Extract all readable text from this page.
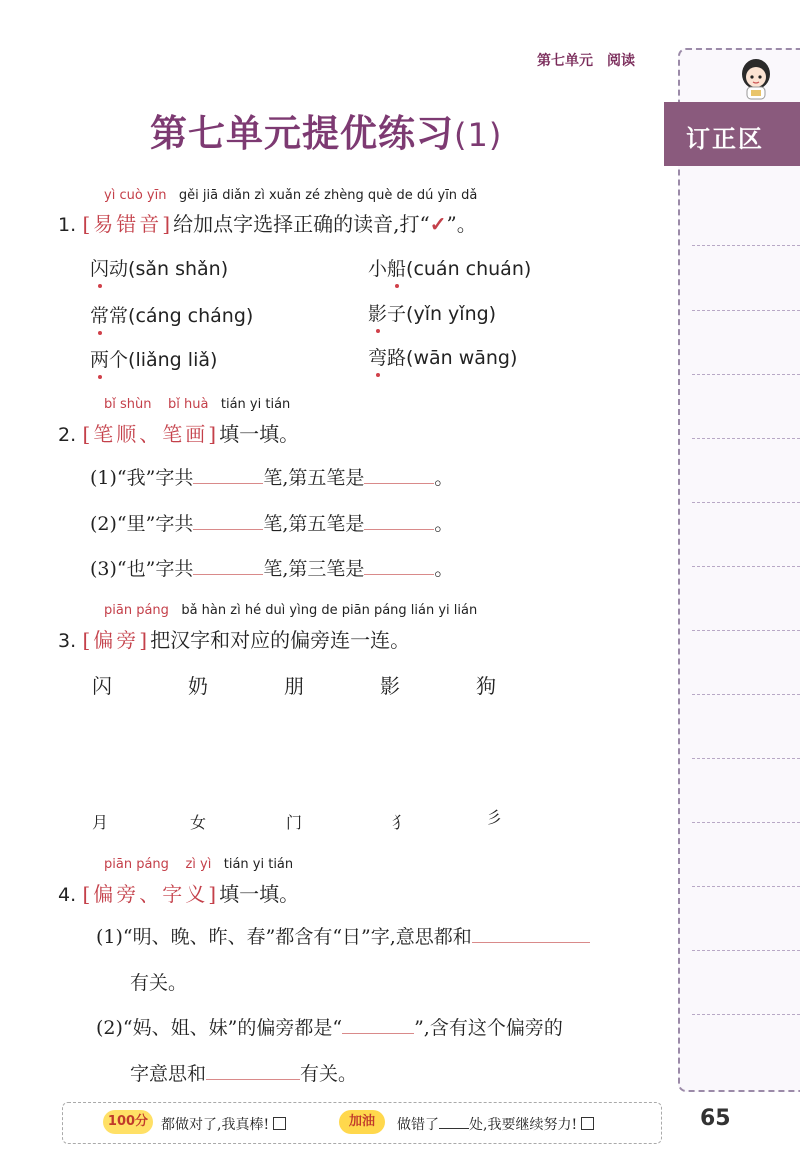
第七单元 阅读
第七单元提优练习(1)	订正区
yì cuò yīn gěi jiā diǎn zì xuǎn zé zhèng què de dú yīn dǎ
1. [易错音]给加点字选择正确的读音,打“✓”。
闪动(sǎn shǎn)	小船(cuán chuán)
常常(cáng cháng)	影子(yǐn yǐng)
两个(liǎng liǎ)	弯路(wān wāng)
bǐ shùn    bǐ huà tián yi tián
2. [笔顺、笔画]填一填。
(1)“我”字共	笔,第五笔是	。
(2)“里”字共	笔,第五笔是	。
(3)“也”字共	笔,第三笔是	。
piān páng bǎ hàn zì hé duì yìng de piān páng lián yi lián
3. [偏旁]把汉字和对应的偏旁连一连。
闪	奶	朋	影	狗
月	女	门	犭	彡
piān páng    zì yì tián yi tián
4. [偏旁、字义]填一填。
(1)“明、晚、昨、春”都含有“日”字,意思都和
有关。
(2)“妈、姐、妹”的偏旁都是“	”,含有这个偏旁的
字意思和	有关。
100分 都做对了,我真棒!	加油	做错了 处,我要继续努力!	65
